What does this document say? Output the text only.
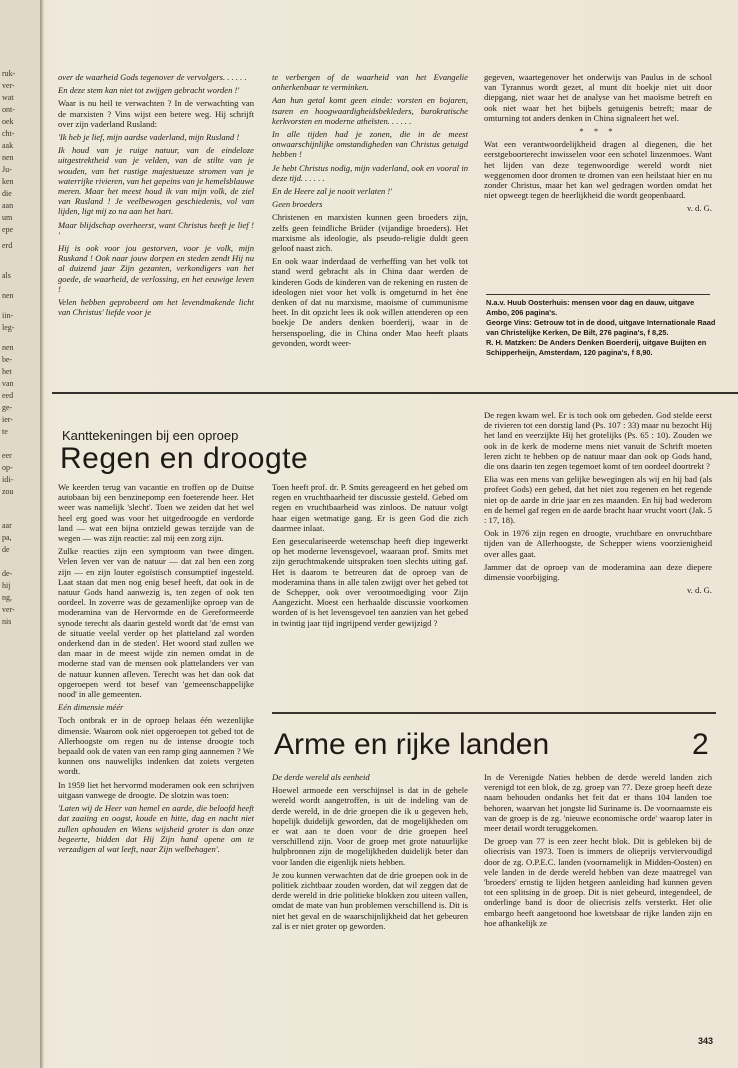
ruk-
ver-
wat
ont-
oek
cht-
aak
nen
Ju-
ken
die
aan
um
epe
erd
als
nen
iin-
leg-
nen
be-
het
van
eed
ge-
ier-
te
eer
op-
idi-
zou
aar
pa,
de
de-
hij
ng,
ver-
nis

over de waarheid Gods tegenover de vervolgers. . . . . .

En deze stem kan niet tot zwijgen gebracht worden !'

Waar is nu heil te verwachten ? In de verwachting van de marxisten ? Vins wijst een betere weg. Hij schrijft over zijn vaderland Rusland:

'Ik heb je lief, mijn aardse vaderland, mijn Rusland !

Ik houd van je ruige natuur, van de eindeloze uitgestrektheid van je velden, van de stilte van je wouden, van het rustige majestueuze stromen van je waterrijke rivieren, van het gepeins van je hemelsblauwe meren. Maar het meest houd ik van mijn volk, de ziel van Rusland ! Je veelbewogen geschiedenis, vol van lijden, ligt mij zo na aan het hart.

Maar blijdschap overheerst, want Christus heeft je lief ! '

Hij is ook voor jou gestorven, voor je volk, mijn Ruskand ! Ook naar jouw dorpen en steden zendt Hij nu al duizend jaar Zijn gezanten, verkondigers van het goede, de waarheid, de verlossing, en het eeuwige leven !

Velen hebben geprobeerd om het levendmakende licht van Christus' liefde voor je

te verbergen of de waarheid van het Evangelie onherkenbaar te verminken.

Aan hun getal komt geen einde: vorsten en bojaren, tsaren en hoogwaardigheidsbekleders, burokratische kerkvorsten en moderne atheïsten. . . . . .

In alle tijden had je zonen, die in de meest onwaarschijnlijke omstandigheden van Christus getuigd hebben !

Je hebt Christus nodig, mijn vaderland, ook en vooral in deze tijd. . . . . .

En de Heere zal je nooit verlaten !'

Geen broeders

Christenen en marxisten kunnen geen broeders zijn, zelfs geen feindliche Brüder (vijandige broeders). Het marxisme als ideologie, als pseudo-religie duldt geen geloof naast zich.

En ook waar inderdaad de verheffing van het volk tot stand werd gebracht als in China daar werden de kinderen Gods de kinderen van de rekening en rusten de ideologen niet voor het volk is omgeturnd in het ène denken of dat nu marxisme, maoisme of cummunisme heet. In dit opzicht lees ik ook willen attenderen op een boekje De anders denken boerderij, waar in de hersenspoeling, die in China onder Mao heeft plaats gevonden, wordt weer-

gegeven, waartegenover het onderwijs van Paulus in de school van Tyrannus wordt gezet, al munt dit boekje niet uit door diepgang, niet waar het de analyse van het maoïsme betreft en ook niet waar het het bijbels getuigenis betreft; maar de omturning tot anders denken in China signaleert het wel.

* * *

Wat een verantwoordelijkheid dragen al diegenen, die het eerstgeboorterecht inwisselen voor een schotel linzenmoes. Want het lijden van deze tegenwoordige wereld wordt niet weggenomen door dromen te dromen van een heilstaat hier en nu zonder Christus, maar het kan wel gedragen worden omdat het niet opweegt tegen de heerlijkheid die wordt geopenbaard.

v. d. G.

N.a.v. Huub Oosterhuis: mensen voor dag en dauw, uitgave Ambo, 206 pagina's.

George Vins: Getrouw tot in de dood, uitgave Internationale Raad van Christelijke Kerken, De Bilt, 276 pagina's, f 8,25.

R. H. Matzken: De Anders Denken Boerderij, uitgave Buijten en Schipperheijn, Amsterdam, 120 pagina's, f 8,90.

Kanttekeningen bij een oproep
Regen en droogte

We keerden terug van vacantie en troffen op de Duitse autobaan bij een benzinepomp een foeterende heer. Het weer was namelijk 'slecht'. Toen we zeiden dat het wel heel erg goed was voor het uitgedroogde en verdorde land — wat een bijna ontzield gewas terzijde van de wegen — was zijn reactie: zal mij een zorg zijn.

Zulke reacties zijn een symptoom van twee dingen. Velen leven ver van de natuur — dat zal hen een zorg zijn — en zijn louter egoïstisch consumptief ingesteld. Laat staan dat men nog enig besef heeft, dat ook in de natuur Gods hand aanwezig is, ten zegen of ook ten oordeel. In zoverre was de gezamenlijke oproep van de moderamina van de Hervormde en de Gereformeerde synode terecht als daarin gesteld wordt dat 'de ernst van de situatie veelal verder op het platteland zal worden onderkend dan in de steden'. Het woord stad zullen we dan maar in de meest wijde zin nemen omdat in de moderne stad van de mensen ook plattelanders ver van de natuur kunnen afleven. Terecht was het dan ook dat opgeroepen werd tot besef van 'gemeenschappelijke nood' in alle gemeenten.

Eén dimensie méér

Toch ontbrak er in de oproep helaas één wezenlijke dimensie. Waarom ook niet opgeroepen tot gebed tot de Allerhoogste om regen nu de intense droogte toch bepaald ook de vaten van een ramp ging aannemen ? We kunnen ons nauwelijks indenken dat zoiets vergeten wordt.

In 1959 liet het hervormd moderamen ook een schrijven uitgaan vanwege de droogte. De slotzin was toen:

'Laten wij de Heer van hemel en aarde, die beloofd heeft dat zaaiing en oogst, koude en hitte, dag en nacht niet zullen ophouden en Wiens wijsheid groter is dan onze begeerte, bidden dat Hij Zijn hand opene om te verzadigen al wat leeft, naar Zijn welbehagen'.

Toen heeft prof. dr. P. Smits gereageerd en het gebed om regen en vruchtbaarheid ter discussie gesteld. Gebed om regen en vruchtbaarheid was zinloos. De natuur volgt haar eigen wetmatige gang. Er is geen God die zich daarmee inlaat.

Een geseculariseerde wetenschap heeft diep ingewerkt op het moderne levensgevoel, waaraan prof. Smits met zijn geruchtmakende uitspraken toen slechts uiting gaf. Het is daarom te betreuren dat de oproep van de moderamina thans in alle talen zwijgt over het gebed tot de Schepper, ook over verootmoediging voor Zijn Aangezicht. Moest een herhaalde discussie voorkomen worden of is het levensgevoel ten aanzien van het gebed in twintig jaar tijd ingrijpend verder gewijzigd ?

De regen kwam wel. Er is toch ook om gebeden. God stelde eerst de rivieren tot een dorstig land (Ps. 107 : 33) maar nu bezocht Hij het land en veerzijkte Hij het grotelijks (Ps. 65 : 10). Zouden we ook in de kerk de moderne mens niet vanuit de Schrift moeten leren zicht te hebben op de natuur maar dan ook op Gods hand, die ons daarin ten zegen tegemoet komt of ten oordeel doortrekt ?

Elia was een mens van gelijke bewegingen als wij en hij bad (als profeet Gods) een gebed, dat het niet zou regenen en het regende niet op de aarde in drie jaar en zes maanden. En hij bad wederom en de hemel gaf regen en de aarde bracht haar vrucht voort (Jak. 5 : 17, 18).

Ook in 1976 zijn regen en droogte, vruchtbare en onvruchtbare tijden van de Allerhoogste, de Schepper wiens voorzienigheid over alles gaat.

Jammer dat de oproep van de moderamina aan deze diepere dimensie voorbijging.

v. d. G.

Arme en rijke landen	2

De derde wereld als eenheid

Hoewel armoede een verschijnsel is dat in de gehele wereld wordt aangetroffen, is uit de indeling van de derde wereld, in de drie groepen die ik u gegeven heb, hopelijk duidelijk geworden, dat de mogelijkheden om er wat aan te doen voor de drie groepen heel verschillend zijn. Voor de groep met grote natuurlijke hulpbronnen zijn de mogelijkheden duidelijk beter dan voor landen die eigenlijk niets hebben.

Je zou kunnen verwachten dat de drie groepen ook in de politiek zichtbaar zouden worden, dat wil zeggen dat de derde wereld in drie politieke blokken zou uiteen vallen, omdat de mate van hun problemen verschillend is. Dit is niet het geval en de waarschijnlijkheid dat het gebeuren zal is er niet groter op geworden.

In de Verenigde Naties hebben de derde wereld landen zich verenigd tot een blok, de zg. groep van 77. Deze groep heeft deze naam behouden ondanks het feit dat er thans 104 landen toe behoren, waarvan het jongste lid Suriname is. De voornaamste eis van de groep is de zg. 'nieuwe economische orde' waarop later in meer detail wordt teruggekomen.

De groep van 77 is een zeer hecht blok. Dit is gebleken bij de oliecrisis van 1973. Toen is immers de olieprijs verviervoudigd door de zg. O.P.E.C. landen (voornamelijk in Midden-Oosten) en vele landen in de derde wereld hebben van deze maatregel van 'broeders' ernstig te lijden hetgeen aanleiding had kunnen geven tot een splitsing in de groep. Dit is niet gebeurd, integendeel, de onderlinge band is door de oliecrisis zelfs versterkt. Het olie embargo heeft aangetoond hoe kwetsbaar de rijke landen zijn en hoe afhankelijk ze

343
